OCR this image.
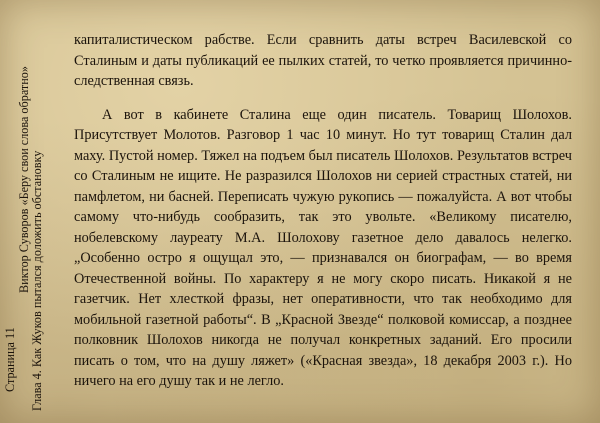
Страница 11
Виктор Суворов «Беру свои слова обратно» Глава 4. Как Жуков пытался доложить обстановку

капиталистическом рабстве. Если сравнить даты встреч Василевской со Сталиным и даты публикаций ее пылких статей, то четко проявляется причинно-следственная связь.

А вот в кабинете Сталина еще один писатель. Товарищ Шолохов. Присутствует Молотов. Разговор 1 час 10 минут. Но тут товарищ Сталин дал маху. Пустой номер. Тяжел на подъем был писатель Шолохов. Результатов встреч со Сталиным не ищите. Не разразился Шолохов ни серией страстных статей, ни памфлетом, ни басней. Переписать чужую рукопись — пожалуйста. А вот чтобы самому что-нибудь сообразить, так это увольте. «Великому писателю, нобелевскому лауреату М.А. Шолохову газетное дело давалось нелегко. „Особенно остро я ощущал это, — признавался он биографам, — во время Отечественной войны. По характеру я не могу скоро писать. Никакой я не газетчик. Нет хлесткой фразы, нет оперативности, что так необходимо для мобильной газетной работы“. В „Красной Звезде“ полковой комиссар, а позднее полковник Шолохов никогда не получал конкретных заданий. Его просили писать о том, что на душу ляжет» («Красная звезда», 18 декабря 2003 г.). Но ничего на его душу так и не легло.
